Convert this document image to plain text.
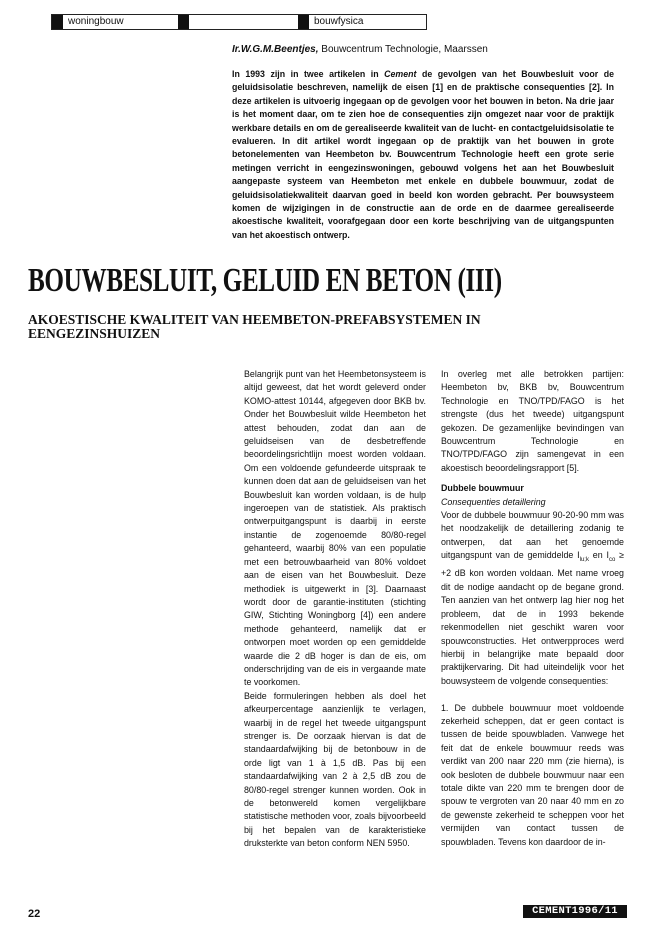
woningbouw	bouwfysica
Ir.W.G.M.Beentjes, Bouwcentrum Technologie, Maarssen

In 1993 zijn in twee artikelen in Cement de gevolgen van het Bouwbesluit voor de geluidsisolatie beschreven, namelijk de eisen [1] en de praktische consequenties [2]. In deze artikelen is uitvoerig ingegaan op de gevolgen voor het bouwen in beton. Na drie jaar is het moment daar, om te zien hoe de consequenties zijn omgezet naar voor de praktijk werkbare details en om de gerealiseerde kwaliteit van de lucht- en contactgeluidsisolatie te evalueren. In dit artikel wordt ingegaan op de praktijk van het bouwen in grote betonelementen van Heembeton bv. Bouwcentrum Technologie heeft een grote serie metingen verricht in eengezinswoningen, gebouwd volgens het aan het Bouwbesluit aangepaste systeem van Heembeton met enkele en dubbele bouwmuur, zodat de geluidsisolatiekwaliteit daarvan goed in beeld kon worden gebracht. Per bouwsysteem komen de wijzigingen in de constructie aan de orde en de daarmee gerealiseerde akoestische kwaliteit, voorafgegaan door een korte beschrijving van de uitgangspunten van het akoestisch ontwerp.

BOUWBESLUIT, GELUID EN BETON (III)
AKOESTISCHE KWALITEIT VAN HEEMBETON-PREFABSYSTEMEN IN EENGEZINSHUIZEN

Belangrijk punt van het Heembetonsysteem is altijd geweest, dat het wordt geleverd onder KOMO-attest 10144, afgegeven door BKB bv. Onder het Bouwbesluit wilde Heembeton het attest behouden, zodat dan aan de geluidseisen van de desbetreffende beoordelingsrichtlijn moest worden voldaan. Om een voldoende gefundeerde uitspraak te kunnen doen dat aan de geluidseisen van het Bouwbesluit kan worden voldaan, is de hulp ingeroepen van de statistiek. Als praktisch ontwerpuitgangspunt is daarbij in eerste instantie de zogenoemde 80/80-regel gehanteerd, waarbij 80% van een populatie met een betrouwbaarheid van 80% voldoet aan de eisen van het Bouwbesluit. Deze methodiek is uitgewerkt in [3]. Daarnaast wordt door de garantie-instituten (stichting GIW, Stichting Woningborg [4]) een andere methode gehanteerd, namelijk dat er ontworpen moet worden op een gemiddelde waarde die 2 dB hoger is dan de eis, om onderschrijding van de eis in vergaande mate te voorkomen.

Beide formuleringen hebben als doel het afkeurpercentage aanzienlijk te verlagen, waarbij in de regel het tweede uitgangspunt strenger is. De oorzaak hiervan is dat de standaardafwijking bij de betonbouw in de orde ligt van 1 à 1,5 dB. Pas bij een standaardafwijking van 2 à 2,5 dB zou de 80/80-regel strenger kunnen worden. Ook in de betonwereld komen vergelijkbare statistische methoden voor, zoals bijvoorbeeld bij het bepalen van de karakteristieke druksterkte van beton conform NEN 5950.

In overleg met alle betrokken partijen: Heembeton bv, BKB bv, Bouwcentrum Technologie en TNO/TPD/FAGO is het strengste (dus het tweede) uitgangspunt gekozen. De gezamenlijke bevindingen van Bouwcentrum Technologie en TNO/TPD/FAGO zijn samengevat in een akoestisch beoordelingsrapport [5].

Dubbele bouwmuur

Consequenties detaillering

Voor de dubbele bouwmuur 90-20-90 mm was het noodzakelijk de detaillering zodanig te ontwerpen, dat aan het genoemde uitgangspunt van de gemiddelde $I_{lu;k}$ en $I_{co} \ge +2$ dB kon worden voldaan. Met name vroeg dit de nodige aandacht op de begane grond. Ten aanzien van het ontwerp lag hier nog het probleem, dat de in 1993 bekende rekenmodellen niet geschikt waren voor spouwconstructies. Het ontwerpproces werd hierbij in belangrijke mate bepaald door praktijkervaring. Dit had uiteindelijk voor het bouwsysteem de volgende consequenties:

1. De dubbele bouwmuur moet voldoende zekerheid scheppen, dat er geen contact is tussen de beide spouwbladen. Vanwege het feit dat de enkele bouwmuur reeds was verdikt van 200 naar 220 mm (zie hierna), is ook besloten de dubbele bouwmuur naar een totale dikte van 220 mm te brengen door de spouw te vergroten van 20 naar 40 mm en zo de gewenste zekerheid te scheppen voor het vermijden van contact tussen de spouwbladen. Tevens kon daardoor de in-

22	CEMENT1996/11
